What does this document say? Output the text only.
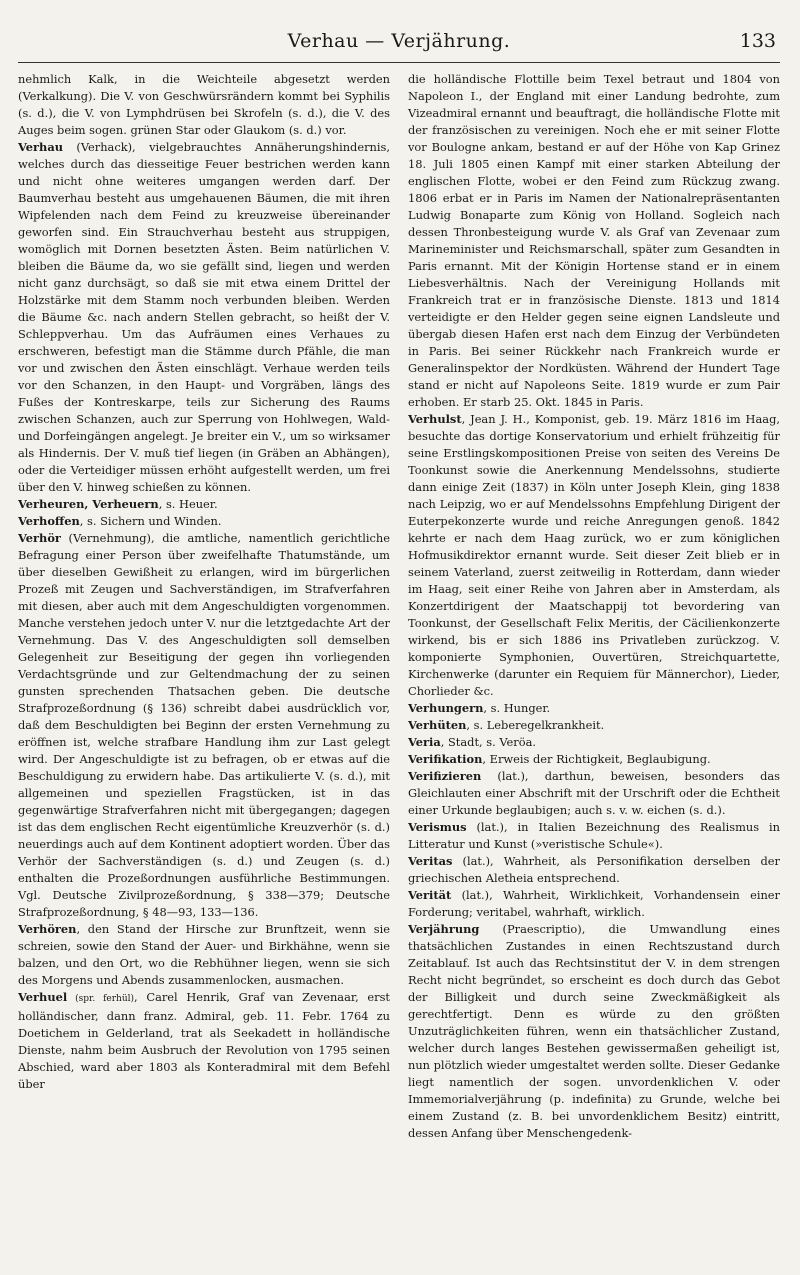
Verhau — Verjährung.	133

nehmlich Kalk, in die Weichteile abgesetzt werden (Verkalkung). Die V. von Geschwürsrändern kommt bei Syphilis (s. d.), die V. von Lymphdrüsen bei Skrofeln (s. d.), die V. des Auges beim sogen. grünen Star oder Glaukom (s. d.) vor.

Verhau (Verhack), vielgebrauchtes Annäherungshindernis, welches durch das diesseitige Feuer bestrichen werden kann und nicht ohne weiteres umgangen werden darf. Der Baumverhau besteht aus umgehauenen Bäumen, die mit ihren Wipfelenden nach dem Feind zu kreuzweise übereinander geworfen sind. Ein Strauchverhau besteht aus struppigen, womöglich mit Dornen besetzten Ästen. Beim natürlichen V. bleiben die Bäume da, wo sie gefällt sind, liegen und werden nicht ganz durchsägt, so daß sie mit etwa einem Drittel der Holzstärke mit dem Stamm noch verbunden bleiben. Werden die Bäume &c. nach andern Stellen gebracht, so heißt der V. Schleppverhau. Um das Aufräumen eines Verhaues zu erschweren, befestigt man die Stämme durch Pfähle, die man vor und zwischen den Ästen einschlägt. Verhaue werden teils vor den Schanzen, in den Haupt- und Vorgräben, längs des Fußes der Kontreskarpe, teils zur Sicherung des Raums zwischen Schanzen, auch zur Sperrung von Hohlwegen, Wald- und Dorfeingängen angelegt. Je breiter ein V., um so wirksamer als Hindernis. Der V. muß tief liegen (in Gräben an Abhängen), oder die Verteidiger müssen erhöht aufgestellt werden, um frei über den V. hinweg schießen zu können.

Verheuren, Verheuern, s. Heuer.

Verhoffen, s. Sichern und Winden.

Verhör (Vernehmung), die amtliche, namentlich gerichtliche Befragung einer Person über zweifelhafte Thatumstände, um über dieselben Gewißheit zu erlangen, wird im bürgerlichen Prozeß mit Zeugen und Sachverständigen, im Strafverfahren mit diesen, aber auch mit dem Angeschuldigten vorgenommen. Manche verstehen jedoch unter V. nur die letztgedachte Art der Vernehmung. Das V. des Angeschuldigten soll demselben Gelegenheit zur Beseitigung der gegen ihn vorliegenden Verdachtsgründe und zur Geltendmachung der zu seinen gunsten sprechenden Thatsachen geben. Die deutsche Strafprozeßordnung (§ 136) schreibt dabei ausdrücklich vor, daß dem Beschuldigten bei Beginn der ersten Vernehmung zu eröffnen ist, welche strafbare Handlung ihm zur Last gelegt wird. Der Angeschuldigte ist zu befragen, ob er etwas auf die Beschuldigung zu erwidern habe. Das artikulierte V. (s. d.), mit allgemeinen und speziellen Fragstücken, ist in das gegenwärtige Strafverfahren nicht mit übergegangen; dagegen ist das dem englischen Recht eigentümliche Kreuzverhör (s. d.) neuerdings auch auf dem Kontinent adoptiert worden. Über das Verhör der Sachverständigen (s. d.) und Zeugen (s. d.) enthalten die Prozeßordnungen ausführliche Bestimmungen. Vgl. Deutsche Zivilprozeßordnung, § 338—379; Deutsche Strafprozeßordnung, § 48—93, 133—136.

Verhören, den Stand der Hirsche zur Brunftzeit, wenn sie schreien, sowie den Stand der Auer- und Birkhähne, wenn sie balzen, und den Ort, wo die Rebhühner liegen, wenn sie sich des Morgens und Abends zusammenlocken, ausmachen.

Verhuel (spr. ferhül), Carel Henrik, Graf van Zevenaar, erst holländischer, dann franz. Admiral, geb. 11. Febr. 1764 zu Doetichem in Gelderland, trat als Seekadett in holländische Dienste, nahm beim Ausbruch der Revolution von 1795 seinen Abschied, ward aber 1803 als Konteradmiral mit dem Befehl über

die holländische Flottille beim Texel betraut und 1804 von Napoleon I., der England mit einer Landung bedrohte, zum Vizeadmiral ernannt und beauftragt, die holländische Flotte mit der französischen zu vereinigen. Noch ehe er mit seiner Flotte vor Boulogne ankam, bestand er auf der Höhe von Kap Grinez 18. Juli 1805 einen Kampf mit einer starken Abteilung der englischen Flotte, wobei er den Feind zum Rückzug zwang. 1806 erbat er in Paris im Namen der Nationalrepräsentanten Ludwig Bonaparte zum König von Holland. Sogleich nach dessen Thronbesteigung wurde V. als Graf van Zevenaar zum Marineminister und Reichsmarschall, später zum Gesandten in Paris ernannt. Mit der Königin Hortense stand er in einem Liebesverhältnis. Nach der Vereinigung Hollands mit Frankreich trat er in französische Dienste. 1813 und 1814 verteidigte er den Helder gegen seine eignen Landsleute und übergab diesen Hafen erst nach dem Einzug der Verbündeten in Paris. Bei seiner Rückkehr nach Frankreich wurde er Generalinspektor der Nordküsten. Während der Hundert Tage stand er nicht auf Napoleons Seite. 1819 wurde er zum Pair erhoben. Er starb 25. Okt. 1845 in Paris.

Verhulst, Jean J. H., Komponist, geb. 19. März 1816 im Haag, besuchte das dortige Konservatorium und erhielt frühzeitig für seine Erstlingskompositionen Preise von seiten des Vereins De Toonkunst sowie die Anerkennung Mendelssohns, studierte dann einige Zeit (1837) in Köln unter Joseph Klein, ging 1838 nach Leipzig, wo er auf Mendelssohns Empfehlung Dirigent der Euterpekonzerte wurde und reiche Anregungen genoß. 1842 kehrte er nach dem Haag zurück, wo er zum königlichen Hofmusikdirektor ernannt wurde. Seit dieser Zeit blieb er in seinem Vaterland, zuerst zeitweilig in Rotterdam, dann wieder im Haag, seit einer Reihe von Jahren aber in Amsterdam, als Konzertdirigent der Maatschappij tot bevordering van Toonkunst, der Gesellschaft Felix Meritis, der Cäcilienkonzerte wirkend, bis er sich 1886 ins Privatleben zurückzog. V. komponierte Symphonien, Ouvertüren, Streichquartette, Kirchenwerke (darunter ein Requiem für Männerchor), Lieder, Chorlieder &c.

Verhungern, s. Hunger.

Verhüten, s. Leberegelkrankheit.

Veria, Stadt, s. Veröa.

Verifikation, Erweis der Richtigkeit, Beglaubigung.

Verifizieren (lat.), darthun, beweisen, besonders das Gleichlauten einer Abschrift mit der Urschrift oder die Echtheit einer Urkunde beglaubigen; auch s. v. w. eichen (s. d.).

Verismus (lat.), in Italien Bezeichnung des Realismus in Litteratur und Kunst (»veristische Schule«).

Veritas (lat.), Wahrheit, als Personifikation derselben der griechischen Aletheia entsprechend.

Verität (lat.), Wahrheit, Wirklichkeit, Vorhandensein einer Forderung; veritabel, wahrhaft, wirklich.

Verjährung (Praescriptio), die Umwandlung eines thatsächlichen Zustandes in einen Rechtszustand durch Zeitablauf. Ist auch das Rechtsinstitut der V. in dem strengen Recht nicht begründet, so erscheint es doch durch das Gebot der Billigkeit und durch seine Zweckmäßigkeit als gerechtfertigt. Denn es würde zu den größten Unzuträglichkeiten führen, wenn ein thatsächlicher Zustand, welcher durch langes Bestehen gewissermaßen geheiligt ist, nun plötzlich wieder umgestaltet werden sollte. Dieser Gedanke liegt namentlich der sogen. unvordenklichen V. oder Immemorialverjährung (p. indefinita) zu Grunde, welche bei einem Zustand (z. B. bei unvordenklichem Besitz) eintritt, dessen Anfang über Menschengedenk-
